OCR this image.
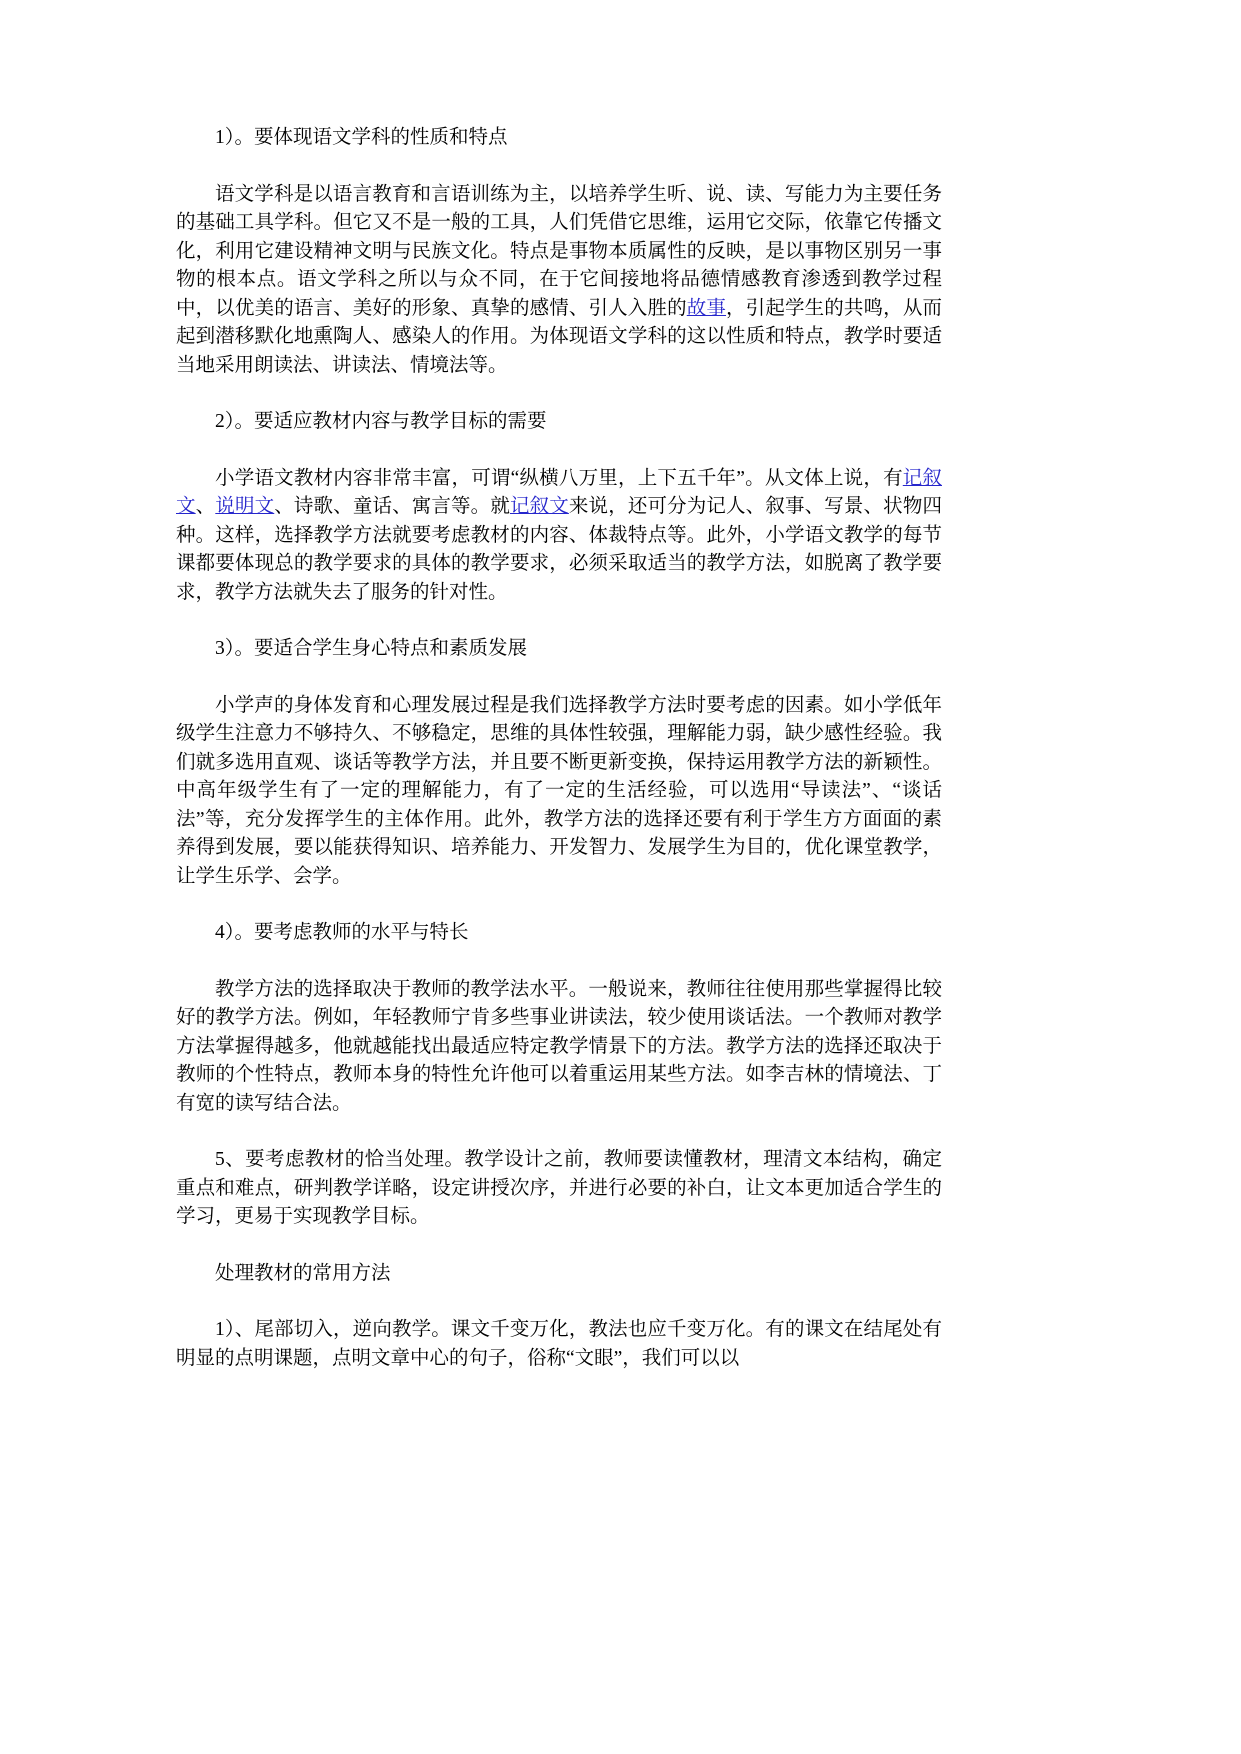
1）。要体现语文学科的性质和特点

语文学科是以语言教育和言语训练为主，以培养学生听、说、读、写能力为主要任务的基础工具学科。但它又不是一般的工具，人们凭借它思维，运用它交际，依靠它传播文化，利用它建设精神文明与民族文化。特点是事物本质属性的反映，是以事物区别另一事物的根本点。语文学科之所以与众不同，在于它间接地将品德情感教育渗透到教学过程中，以优美的语言、美好的形象、真挚的感情、引人入胜的故事，引起学生的共鸣，从而起到潜移默化地熏陶人、感染人的作用。为体现语文学科的这以性质和特点，教学时要适当地采用朗读法、讲读法、情境法等。

2）。要适应教材内容与教学目标的需要

小学语文教材内容非常丰富，可谓“纵横八万里，上下五千年”。从文体上说，有记叙文、说明文、诗歌、童话、寓言等。就记叙文来说，还可分为记人、叙事、写景、状物四种。这样，选择教学方法就要考虑教材的内容、体裁特点等。此外，小学语文教学的每节课都要体现总的教学要求的具体的教学要求，必须采取适当的教学方法，如脱离了教学要求，教学方法就失去了服务的针对性。

3）。要适合学生身心特点和素质发展

小学声的身体发育和心理发展过程是我们选择教学方法时要考虑的因素。如小学低年级学生注意力不够持久、不够稳定，思维的具体性较强，理解能力弱，缺少感性经验。我们就多选用直观、谈话等教学方法，并且要不断更新变换，保持运用教学方法的新颖性。中高年级学生有了一定的理解能力，有了一定的生活经验，可以选用“导读法”、“谈话法”等，充分发挥学生的主体作用。此外，教学方法的选择还要有利于学生方方面面的素养得到发展，要以能获得知识、培养能力、开发智力、发展学生为目的，优化课堂教学，让学生乐学、会学。

4）。要考虑教师的水平与特长

教学方法的选择取决于教师的教学法水平。一般说来，教师往往使用那些掌握得比较好的教学方法。例如，年轻教师宁肯多些事业讲读法，较少使用谈话法。一个教师对教学方法掌握得越多，他就越能找出最适应特定教学情景下的方法。教学方法的选择还取决于教师的个性特点，教师本身的特性允许他可以着重运用某些方法。如李吉林的情境法、丁有宽的读写结合法。

5、要考虑教材的恰当处理。教学设计之前，教师要读懂教材，理清文本结构，确定重点和难点，研判教学详略，设定讲授次序，并进行必要的补白，让文本更加适合学生的学习，更易于实现教学目标。

处理教材的常用方法

1）、尾部切入，逆向教学。课文千变万化，教法也应千变万化。有的课文在结尾处有明显的点明课题，点明文章中心的句子，俗称“文眼”，我们可以以
